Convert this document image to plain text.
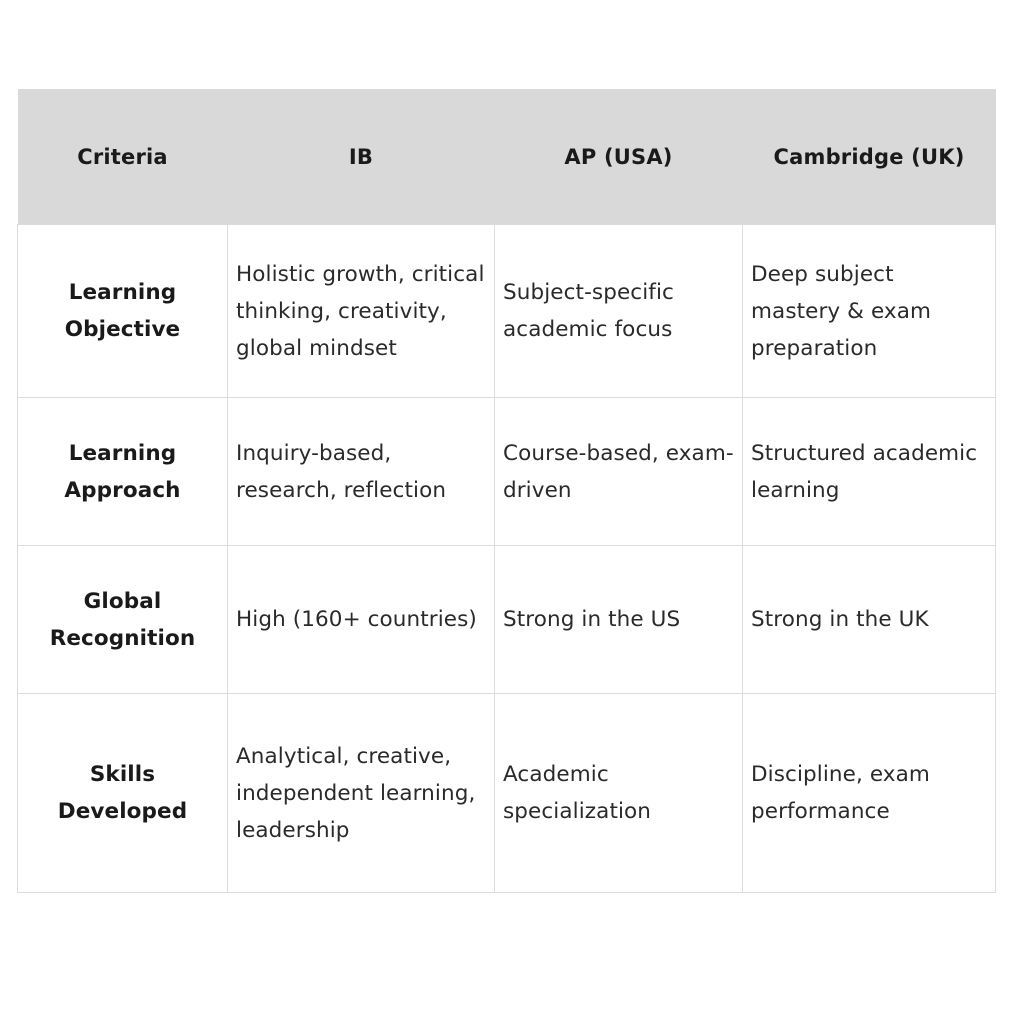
Criteria	IB	AP (USA)	Cambridge (UK)
Learning Objective	Holistic growth, critical thinking, creativity, global mindset	Subject-specific academic focus	Deep subject mastery & exam preparation
Learning Approach	Inquiry-based, research, reflection	Course-based, exam-driven	Structured academic learning
Global Recognition	High (160+ countries)	Strong in the US	Strong in the UK
Skills Developed	Analytical, creative, independent learning, leadership	Academic specialization	Discipline, exam performance
